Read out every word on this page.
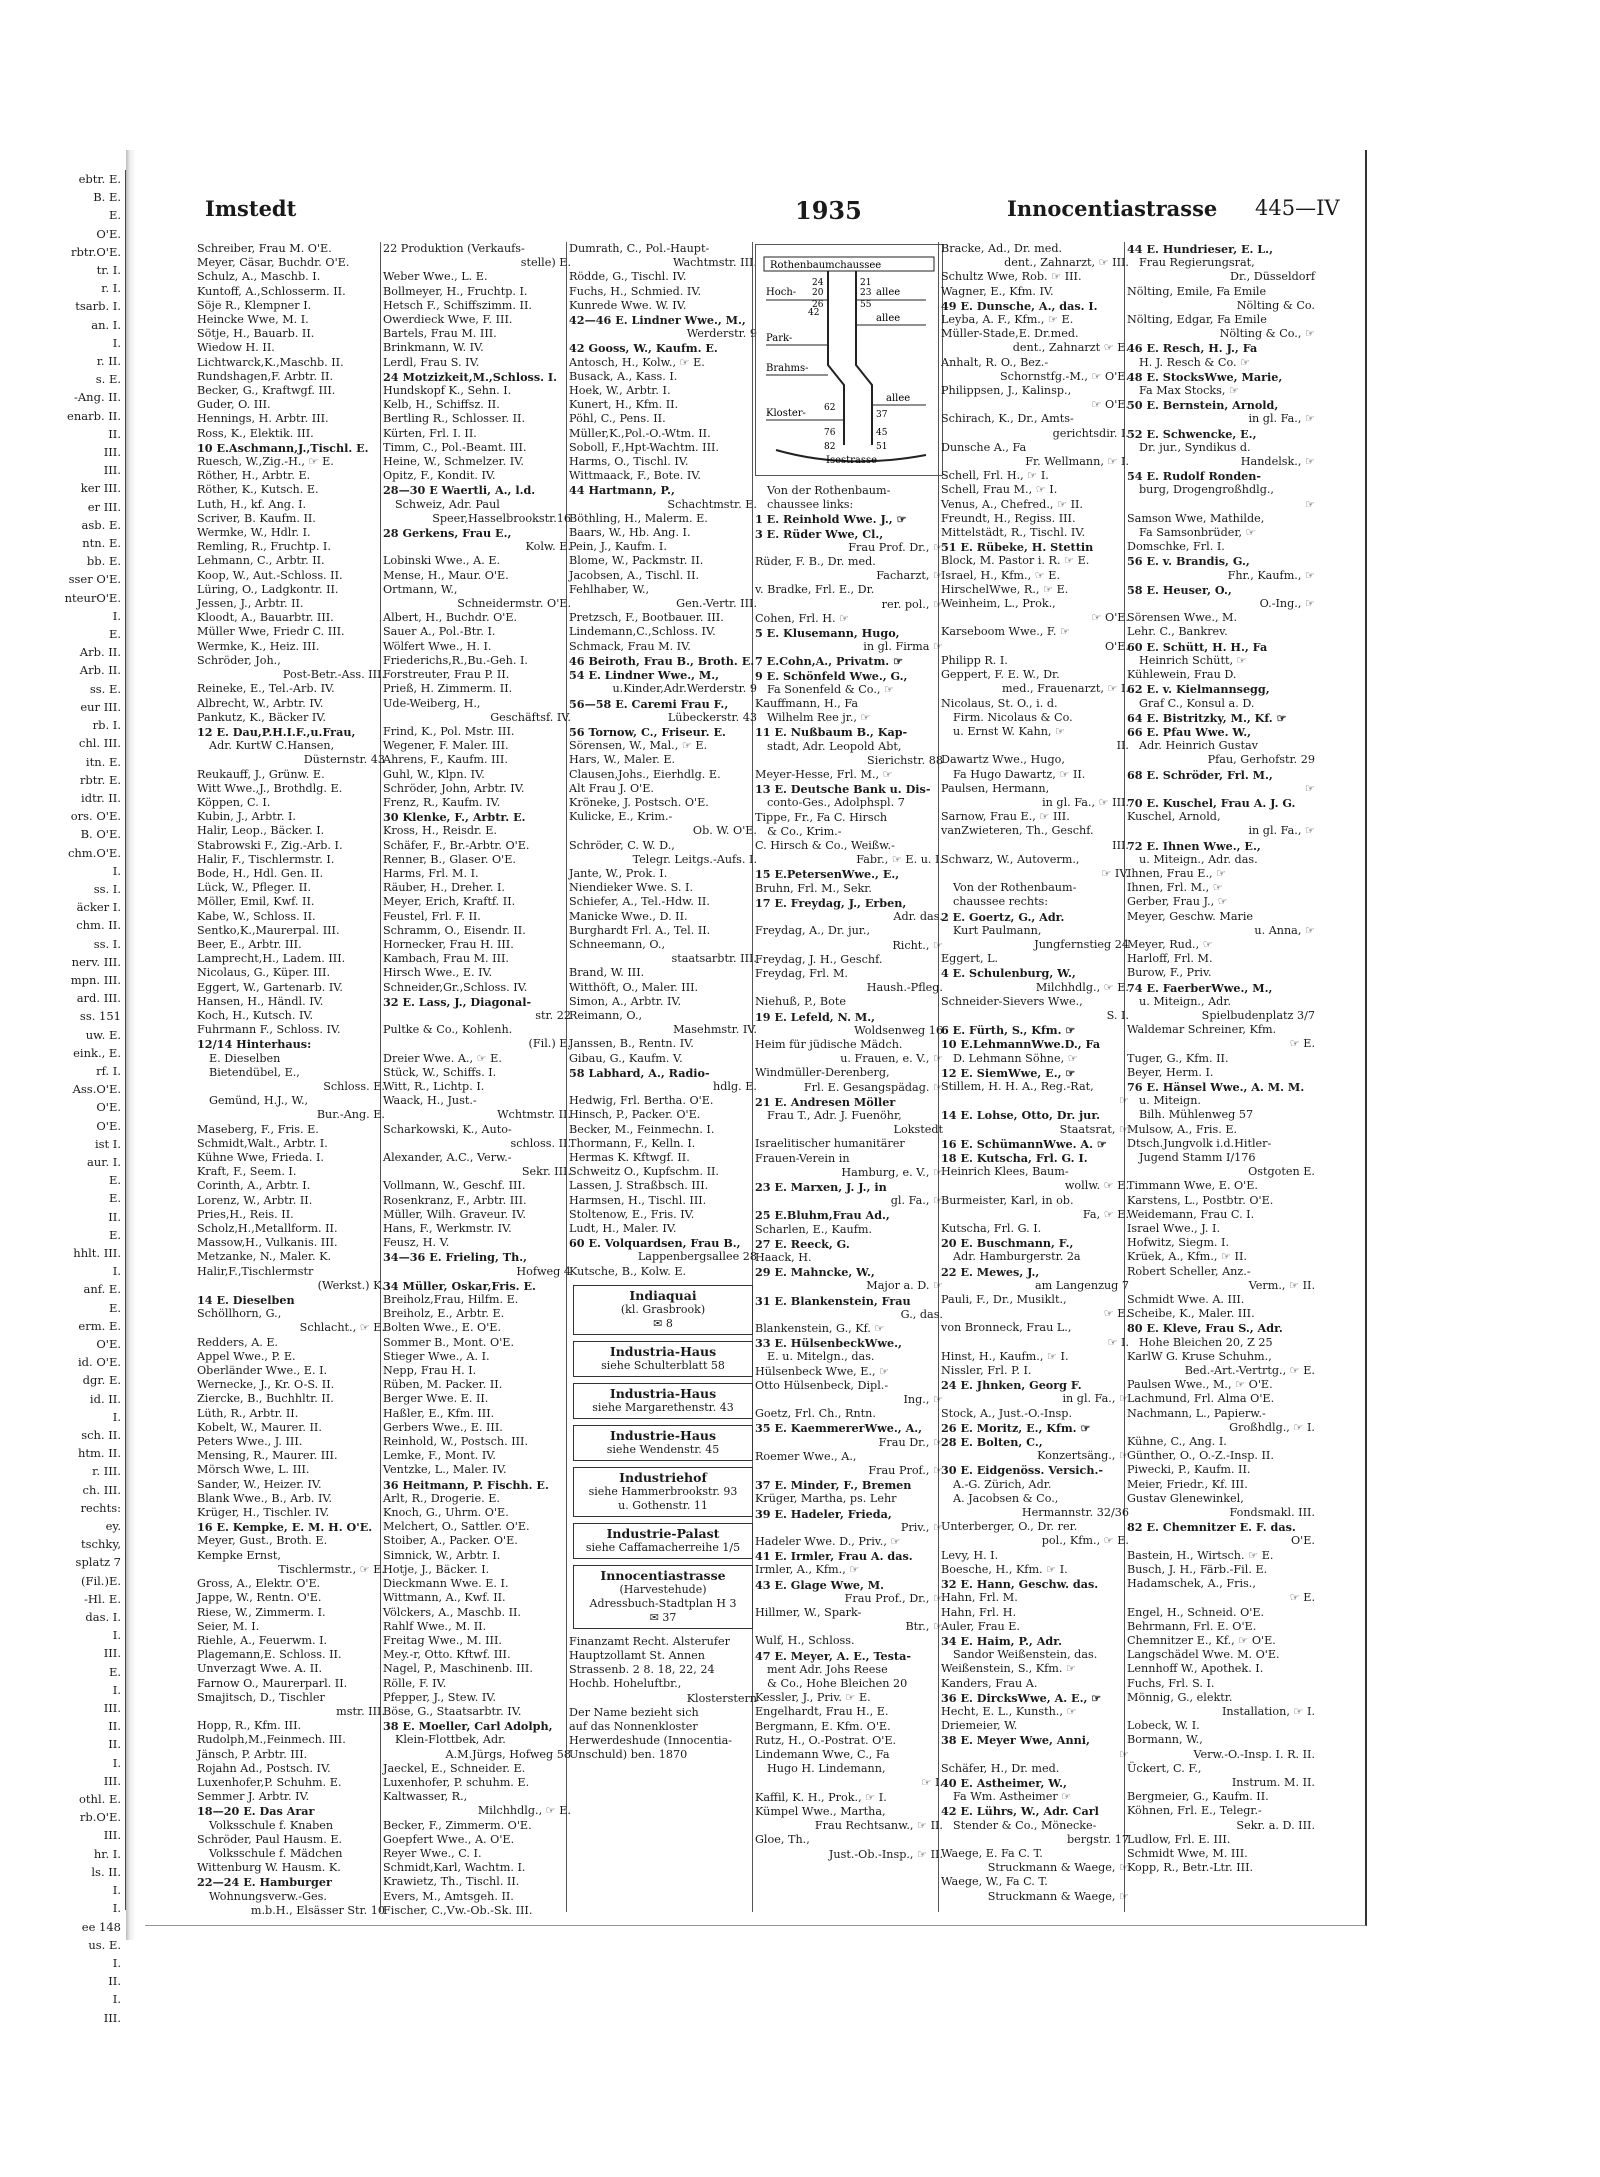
ebtr. E.
B. E.
E.
O'E.
rbtr.O'E.
tr. I.
r. I.
tsarb. I.
an. I.
I.
r. II.
s. E.
-Ang. II.
enarb. II.
II.
III.
III.
ker III.
er III.
asb. E.
ntn. E.
bb. E.
sser O'E.
nteurO'E.
I.
E.
Arb. II.
Arb. II.
ss. E.
eur III.
rb. I.
chl. III.
itn. E.
rbtr. E.
idtr. II.
ors. O'E.
B. O'E.
chm.O'E.
I.
ss. I.
äcker I.
chm. II.
ss. I.
nerv. III.
mpn. III.
ard. III.
ss. 151
uw. E.
eink., E.
rf. I.
Ass.O'E.
O'E.
O'E.
ist I.
aur. I.
E.
E.
II.
E.
hhlt. III.
I.
anf. E.
E.
erm. E.
O'E.
id. O'E.
dgr. E.
id. II.
I.
sch. II.
htm. II.
r. III.
ch. III.
rechts:
ey.
tschky,
splatz 7
(Fil.)E.
-Hl. E.
das. I.
I.
III.
E.
I.
III.
II.
II.
I.
III.
othl. E.
rb.O'E.
III.
hr. I.
ls. II.
I.
I.
ee 148
us. E.
I.
II.
I.
III.
Imstedt	1935	Innocentiastrasse 445—IV
Schreiber, Frau M. O'E.
Meyer, Cäsar, Buchdr. O'E.
Schulz, A., Maschb. I.
Kuntoff, A.,Schlosserm. II.
Söje R., Klempner I.
Heincke Wwe, M. I.
Sötje, H., Bauarb. II.
Wiedow H. II.
Lichtwarck,K.,Maschb. II.
Rundshagen,F. Arbtr. II.
Becker, G., Kraftwgf. III.
Guder, O. III.
Hennings, H. Arbtr. III.
Ross, K., Elektik. III.
10 E.Aschmann,J.,Tischl. E.
Ruesch, W.,Zig.-H., ☞ E.
Röther, H., Arbtr. E.
Röther, K., Kutsch. E.
Luth, H., kf. Ang. I.
Scriver, B. Kaufm. II.
Wermke, W., Hdlr. I.
Remling, R., Fruchtp. I.
Lehmann, C., Arbtr. II.
Koop, W., Aut.-Schloss. II.
Lüring, O., Ladgkontr. II.
Jessen, J., Arbtr. II.
Kloodt, A., Bauarbtr. III.
Müller Wwe, Friedr C. III.
Wermke, K., Heiz. III.
Schröder, Joh.,
Post-Betr.-Ass. III.
Reineke, E., Tel.-Arb. IV.
Albrecht, W., Arbtr. IV.
Pankutz, K., Bäcker IV.
12 E. Dau,P.H.I.F.,u.Frau,
Adr. KurtW C.Hansen,
Düsternstr. 43
Reukauff, J., Grünw. E.
Witt Wwe.,J., Brothdlg. E.
Köppen, C. I.
Kubin, J., Arbtr. I.
Halir, Leop., Bäcker. I.
Stabrowski F., Zig.-Arb. I.
Halir, F., Tischlermstr. I.
Bode, H., Hdl. Gen. II.
Lück, W., Pfleger. II.
Möller, Emil, Kwf. II.
Kabe, W., Schloss. II.
Sentko,K.,Maurerpal. III.
Beer, E., Arbtr. III.
Lamprecht,H., Ladem. III.
Nicolaus, G., Küper. III.
Eggert, W., Gartenarb. IV.
Hansen, H., Händl. IV.
Koch, H., Kutsch. IV.
Fuhrmann F., Schloss. IV.
12/14 Hinterhaus:
E. Dieselben
Bietendübel, E.,
Schloss. E.
Gemünd, H.J., W.,
Bur.-Ang. E.
Maseberg, F., Fris. E.
Schmidt,Walt., Arbtr. I.
Kühne Wwe, Frieda. I.
Kraft, F., Seem. I.
Corinth, A., Arbtr. I.
Lorenz, W., Arbtr. II.
Pries,H., Reis. II.
Scholz,H.,Metallform. II.
Massow,H., Vulkanis. III.
Metzanke, N., Maler. K.
Halir,F.,Tischlermstr
(Werkst.) K.
14 E. Dieselben
Schöllhorn, G.,
Schlacht., ☞ E.
Redders, A. E.
Appel Wwe., P. E.
Oberländer Wwe., E. I.
Wernecke, J., Kr. O-S. II.
Ziercke, B., Buchhltr. II.
Lüth, R., Arbtr. II.
Kobelt, W., Maurer. II.
Peters Wwe., J. III.
Mensing, R., Maurer. III.
Mörsch Wwe, L. III.
Sander, W., Heizer. IV.
Blank Wwe., B., Arb. IV.
Krüger, H., Tischler. IV.
16 E. Kempke, E. M. H. O'E.
Meyer, Gust., Broth. E.
Kempke Ernst,
Tischlermstr., ☞ E.
Gross, A., Elektr. O'E.
Jappe, W., Rentn. O'E.
Riese, W., Zimmerm. I.
Seier, M. I.
Riehle, A., Feuerwm. I.
Plagemann,E. Schloss. II.
Unverzagt Wwe. A. II.
Farnow O., Maurerparl. II.
Smajitsch, D., Tischler
mstr. III.
Hopp, R., Kfm. III.
Rudolph,M.,Feinmech. III.
Jänsch, P. Arbtr. III.
Rojahn Ad., Postsch. IV.
Luxenhofer,P. Schuhm. E.
Semmer J. Arbtr. IV.
18—20 E. Das Arar
Volksschule f. Knaben
Schröder, Paul Hausm. E.
Volksschule f. Mädchen
Wittenburg W. Hausm. K.
22—24 E. Hamburger
Wohnungsverw.-Ges.
m.b.H., Elsässer Str. 10
22 Produktion (Verkaufs-
stelle) E.
Weber Wwe., L. E.
Bollmeyer, H., Fruchtp. I.
Hetsch F., Schiffszimm. II.
Owerdieck Wwe, F. III.
Bartels, Frau M. III.
Brinkmann, W. IV.
Lerdl, Frau S. IV.
24 Motzizkeit,M.,Schloss. I.
Hundskopf K., Sehn. I.
Kelb, H., Schiffsz. II.
Bertling R., Schlosser. II.
Kürten, Frl. I. II.
Timm, C., Pol.-Beamt. III.
Heine, W., Schmelzer. IV.
Opitz, F., Kondit. IV.
28—30 E Waertli, A., l.d.
Schweiz, Adr. Paul
Speer,Hasselbrookstr.16
28 Gerkens, Frau E.,
Kolw. E.
Lobinski Wwe., A. E.
Mense, H., Maur. O'E.
Ortmann, W.,
Schneidermstr. O'E.
Albert, H., Buchdr. O'E.
Sauer A., Pol.-Btr. I.
Wölfert Wwe., H. I.
Friederichs,R.,Bu.-Geh. I.
Forstreuter, Frau P. II.
Prieß, H. Zimmerm. II.
Ude-Weiberg, H.,
Geschäftsf. IV.
Frind, K., Pol. Mstr. III.
Wegener, F. Maler. III.
Ahrens, F., Kaufm. III.
Guhl, W., Klpn. IV.
Schröder, John, Arbtr. IV.
Frenz, R., Kaufm. IV.
30 Klenke, F., Arbtr. E.
Kross, H., Reisdr. E.
Schäfer, F., Br.-Arbtr. O'E.
Renner, B., Glaser. O'E.
Harms, Frl. M. I.
Räuber, H., Dreher. I.
Meyer, Erich, Kraftf. II.
Feustel, Frl. F. II.
Schramm, O., Eisendr. II.
Hornecker, Frau H. III.
Kambach, Frau M. III.
Hirsch Wwe., E. IV.
Schneider,Gr.,Schloss. IV.
32 E. Lass, J., Diagonal-
str. 22
Pultke & Co., Kohlenh.
(Fil.) E.
Dreier Wwe. A., ☞ E.
Stück, W., Schiffs. I.
Witt, R., Lichtp. I.
Waack, H., Just.-
Wchtmstr. II.
Scharkowski, K., Auto-
schloss. II.
Alexander, A.C., Verw.-
Sekr. III.
Vollmann, W., Geschf. III.
Rosenkranz, F., Arbtr. III.
Müller, Wilh. Graveur. IV.
Hans, F., Werkmstr. IV.
Feusz, H. V.
34—36 E. Frieling, Th.,
Hofweg 4
34 Müller, Oskar,Fris. E.
Breiholz,Frau, Hilfm. E.
Breiholz, E., Arbtr. E.
Bolten Wwe., E. O'E.
Sommer B., Mont. O'E.
Stieger Wwe., A. I.
Nepp, Frau H. I.
Rüben, M. Packer. II.
Berger Wwe. E. II.
Haßler, E., Kfm. III.
Gerbers Wwe., E. III.
Reinhold, W., Postsch. III.
Lemke, F., Mont. IV.
Ventzke, L., Maler. IV.
36 Heitmann, P. Fischh. E.
Arlt, R., Drogerie. E.
Knoch, G., Uhrm. O'E.
Melchert, O., Sattler. O'E.
Stoiber, A., Packer. O'E.
Simnick, W., Arbtr. I.
Hotje, J., Bäcker. I.
Dieckmann Wwe. E. I.
Wittmann, A., Kwf. II.
Völckers, A., Maschb. II.
Rahlf Wwe., M. II.
Freitag Wwe., M. III.
Mey.-r, Otto. Kftwf. III.
Nagel, P., Maschinenb. III.
Rölle, F. IV.
Pfepper, J., Stew. IV.
Böse, G., Staatsarbtr. IV.
38 E. Moeller, Carl Adolph,
Klein-Flottbek, Adr.
A.M.Jürgs, Hofweg 58
Jaeckel, E., Schneider. E.
Luxenhofer, P. schuhm. E.
Kaltwasser, R.,
Milchhdlg., ☞ E.
Becker, F., Zimmerm. O'E.
Goepfert Wwe., A. O'E.
Reyer Wwe., C. I.
Schmidt,Karl, Wachtm. I.
Krawietz, Th., Tischl. II.
Evers, M., Amtsgeh. II.
Fischer, C.,Vw.-Ob.-Sk. III.
Dumrath, C., Pol.-Haupt-
Wachtmstr. III.
Rödde, G., Tischl. IV.
Fuchs, H., Schmied. IV.
Kunrede Wwe. W. IV.
42—46 E. Lindner Wwe., M.,
Werderstr. 9
42 Gooss, W., Kaufm. E.
Antosch, H., Kolw., ☞ E.
Busack, A., Kass. I.
Hoek, W., Arbtr. I.
Kunert, H., Kfm. II.
Pöhl, C., Pens. II.
Müller,K.,Pol.-O.-Wtm. II.
Soboll, F.,Hpt-Wachtm. III.
Harms, O., Tischl. IV.
Wittmaack, F., Bote. IV.
44 Hartmann, P.,
Schachtmstr. E.
Böthling, H., Malerm. E.
Baars, W., Hb. Ang. I.
Pein, J., Kaufm. I.
Blome, W., Packmstr. II.
Jacobsen, A., Tischl. II.
Fehlhaber, W.,
Gen.-Vertr. III.
Pretzsch, F., Bootbauer. III.
Lindemann,C.,Schloss. IV.
Schmack, Frau M. IV.
46 Beiroth, Frau B., Broth. E.
54 E. Lindner Wwe., M.,
u.Kinder,Adr.Werderstr. 9
56—58 E. Caremi Frau F.,
Lübeckerstr. 43
56 Tornow, C., Friseur. E.
Sörensen, W., Mal., ☞ E.
Hars, W., Maler. E.
Clausen,Johs., Eierhdlg. E.
Alt Frau J. O'E.
Kröneke, J. Postsch. O'E.
Kulicke, E., Krim.-
Ob. W. O'E.
Schröder, C. W. D.,
Telegr. Leitgs.-Aufs. I.
Jante, W., Prok. I.
Niendieker Wwe. S. I.
Schiefer, A., Tel.-Hdw. II.
Manicke Wwe., D. II.
Burghardt Frl. A., Tel. II.
Schneemann, O.,
staatsarbtr. III.
Brand, W. III.
Witthöft, O., Maler. III.
Simon, A., Arbtr. IV.
Reimann, O.,
Masehmstr. IV.
Janssen, B., Rentn. IV.
Gibau, G., Kaufm. V.
58 Labhard, A., Radio-
hdlg. E.
Hedwig, Frl. Bertha. O'E.
Hinsch, P., Packer. O'E.
Becker, M., Feinmechn. I.
Thormann, F., Kelln. I.
Hermas K. Kftwgf. II.
Schweitz O., Kupfschm. II.
Lassen, J. Straßbsch. III.
Harmsen, H., Tischl. III.
Stoltenow, E., Fris. IV.
Ludt, H., Maler. IV.
60 E. Volquardsen, Frau B.,
Lappenbergsallee 28
Kutsche, B., Kolw. E.
Indiaquai
(kl. Grasbrook)
✉ 8
Industria-Haus
siehe Schulterblatt 58
Industria-Haus
siehe Margarethenstr. 43
Industrie-Haus
siehe Wendenstr. 45
Industriehof
siehe Hammerbrookstr. 93
u. Gothenstr. 11
Industrie-Palast
siehe Caffamacherreihe 1/5
Innocentiastrasse
(Harvestehude)
Adressbuch-Stadtplan H 3
✉ 37
Finanzamt Recht. Alsterufer
Hauptzollamt St. Annen
Strassenb. 2 8. 18, 22, 24
Hochb. Hoheluftbr.,
Klosterstern
Der Name bezieht sich
auf das Nonnenkloster
Herwerdeshude (Innocentia-
Unschuld) ben. 1870
Rothenbaumchaussee
Hoch-	allee
allee
Park-
Brahms-
allee
Kloster-
Isestrasse
42
24
20
26
21
23
55
62
37
76	45
82	51
Von der Rothenbaum-
chaussee links:
1 E. Reinhold Wwe. J., ☞
3 E. Rüder Wwe, Cl.,
Frau Prof. Dr., ☞
Rüder, F. B., Dr. med.
Facharzt, ☞
v. Bradke, Frl. E., Dr.
rer. pol., ☞
Cohen, Frl. H. ☞
5 E. Klusemann, Hugo,
in gl. Firma ☞
7 E.Cohn,A., Privatm. ☞
9 E. Schönfeld Wwe., G.,
Fa Sonenfeld & Co., ☞
Kauffmann, H., Fa
Wilhelm Ree jr., ☞
11 E. Nußbaum B., Kap-
stadt, Adr. Leopold Abt,
Sierichstr. 88
Meyer-Hesse, Frl. M., ☞
13 E. Deutsche Bank u. Dis-
conto-Ges., Adolphspl. 7
Tippe, Fr., Fa C. Hirsch
& Co., Krim.-
C. Hirsch & Co., Weißw.-
Fabr., ☞ E. u. I.
15 E.PetersenWwe., E.,
Bruhn, Frl. M., Sekr.
17 E. Freydag, J., Erben,
Adr. das.
Freydag, A., Dr. jur.,
Richt., ☞
Freydag, J. H., Geschf.
Freydag, Frl. M.
Haush.-Pfleg.
Niehuß, P., Bote
19 E. Lefeld, N. M.,
Woldsenweg 16
Heim für jüdische Mädch.
u. Frauen, e. V., ☞
Windmüller-Derenberg,
Frl. E. Gesangspädag. ☞
21 E. Andresen Möller
Frau T., Adr. J. Fuenöhr,
Lokstedt
Israelitischer humanitärer
Frauen-Verein in
Hamburg, e. V., ☞
23 E. Marxen, J. J., in
gl. Fa., ☞
25 E.Bluhm,Frau Ad.,
Scharlen, E., Kaufm.
27 E. Reeck, G.
Haack, H.
29 E. Mahncke, W.,
Major a. D. ☞
31 E. Blankenstein, Frau
G., das.
Blankenstein, G., Kf. ☞
33 E. HülsenbeckWwe.,
E. u. Mitelgn., das.
Hülsenbeck Wwe, E., ☞
Otto Hülsenbeck, Dipl.-
Ing., ☞
Goetz, Frl. Ch., Rntn.
35 E. KaemmererWwe., A.,
Frau Dr., ☞
Roemer Wwe., A.,
Frau Prof., ☞
37 E. Minder, F., Bremen
Krüger, Martha, ps. Lehr
39 E. Hadeler, Frieda,
Priv., ☞
Hadeler Wwe. D., Priv., ☞
41 E. Irmler, Frau A. das.
Irmler, A., Kfm., ☞
43 E. Glage Wwe, M.
Frau Prof., Dr., ☞
Hillmer, W., Spark-
Btr., ☞
Wulf, H., Schloss.
47 E. Meyer, A. E., Testa-
ment Adr. Johs Reese
& Co., Hohe Bleichen 20
Kessler, J., Priv. ☞ E.
Engelhardt, Frau H., E.
Bergmann, E. Kfm. O'E.
Rutz, H., O.-Postrat. O'E.
Lindemann Wwe, C., Fa
Hugo H. Lindemann,
☞ I.
Kaffil, K. H., Prok., ☞ I.
Kümpel Wwe., Martha,
Frau Rechtsanw., ☞ II.
Gloe, Th.,
Just.-Ob.-Insp., ☞ II.
Bracke, Ad., Dr. med.
dent., Zahnarzt, ☞ III.
Schultz Wwe, Rob. ☞ III.
Wagner, E., Kfm. IV.
49 E. Dunsche, A., das. I.
Leyba, A. F., Kfm., ☞ E.
Müller-Stade,E. Dr.med.
dent., Zahnarzt ☞ E.
Anhalt, R. O., Bez.-
Schornstfg.-M., ☞ O'E.
Philippsen, J., Kalinsp.,
☞ O'E.
Schirach, K., Dr., Amts-
gerichtsdir. I.
Dunsche A., Fa
Fr. Wellmann, ☞ I.
Schell, Frl. H., ☞ I.
Schell, Frau M., ☞ I.
Venus, A., Chefred., ☞ II.
Freundt, H., Regiss. III.
Mittelstädt, R., Tischl. IV.
51 E. Rübeke, H. Stettin
Block, M. Pastor i. R. ☞ E.
Israel, H., Kfm., ☞ E.
HirschelWwe, R., ☞ E.
Weinheim, L., Prok.,
☞ O'E.
Karseboom Wwe., F. ☞
O'E.
Philipp R. I.
Geppert, F. E. W., Dr.
med., Frauenarzt, ☞ I.
Nicolaus, St. O., i. d.
Firm. Nicolaus & Co.
u. Ernst W. Kahn, ☞
II.
Dawartz Wwe., Hugo,
Fa Hugo Dawartz, ☞ II.
Paulsen, Hermann,
in gl. Fa., ☞ III.
Sarnow, Frau E., ☞ III.
vanZwieteren, Th., Geschf.
III.
Schwarz, W., Autoverm.,
☞ IV.
Von der Rothenbaum-
chaussee rechts:
2 E. Goertz, G., Adr.
Kurt Paulmann,
Jungfernstieg 24
Eggert, L.
4 E. Schulenburg, W.,
Milchhdlg., ☞ E.
Schneider-Sievers Wwe.,
S. I.
6 E. Fürth, S., Kfm. ☞
10 E.LehmannWwe.D., Fa
D. Lehmann Söhne, ☞
12 E. SiemWwe, E., ☞
Stillem, H. H. A., Reg.-Rat,
☞
14 E. Lohse, Otto, Dr. jur.
Staatsrat, ☞
16 E. SchümannWwe. A. ☞
18 E. Kutscha, Frl. G. I.
Heinrich Klees, Baum-
wollw. ☞ E.
Burmeister, Karl, in ob.
Fa, ☞ E.
Kutscha, Frl. G. I.
20 E. Buschmann, F.,
Adr. Hamburgerstr. 2a
22 E. Mewes, J.,
am Langenzug 7
Pauli, F., Dr., Musiklt.,
☞ E.
von Bronneck, Frau L.,
☞ I.
Hinst, H., Kaufm., ☞ I.
Nissler, Frl. P. I.
24 E. Jhnken, Georg F.
in gl. Fa., ☞
Stock, A., Just.-O.-Insp.
26 E. Moritz, E., Kfm. ☞
28 E. Bolten, C.,
Konzertsäng., ☞
30 E. Eidgenöss. Versich.-
A.-G. Zürich, Adr.
A. Jacobsen & Co.,
Hermannstr. 32/36
Unterberger, O., Dr. rer.
pol., Kfm., ☞ E.
Levy, H. I.
Boesche, H., Kfm. ☞ I.
32 E. Hann, Geschw. das.
Hahn, Frl. M.
Hahn, Frl. H.
Auler, Frau E.
34 E. Haim, P., Adr.
Sandor Weißenstein, das.
Weißenstein, S., Kfm. ☞
Kanders, Frau A.
36 E. DircksWwe, A. E., ☞
Hecht, E. L., Kunsth., ☞
Driemeier, W.
38 E. Meyer Wwe, Anni,
☞
Schäfer, H., Dr. med.
40 E. Astheimer, W.,
Fa Wm. Astheimer ☞
42 E. Lührs, W., Adr. Carl
Stender & Co., Mönecke-
bergstr. 17
Waege, E. Fa C. T.
Struckmann & Waege, ☞
Waege, W., Fa C. T.
Struckmann & Waege, ☞
44 E. Hundrieser, E. L.,
Frau Regierungsrat,
Dr., Düsseldorf
Nölting, Emile, Fa Emile
Nölting & Co.
Nölting, Edgar, Fa Emile
Nölting & Co., ☞
46 E. Resch, H. J., Fa
H. J. Resch & Co. ☞
48 E. StocksWwe, Marie,
Fa Max Stocks, ☞
50 E. Bernstein, Arnold,
in gl. Fa., ☞
52 E. Schwencke, E.,
Dr. jur., Syndikus d.
Handelsk., ☞
54 E. Rudolf Ronden-
burg, Drogengroßhdlg.,
☞
Samson Wwe, Mathilde,
Fa Samsonbrüder, ☞
Domschke, Frl. I.
56 E. v. Brandis, G.,
Fhr., Kaufm., ☞
58 E. Heuser, O.,
O.-Ing., ☞
Sörensen Wwe., M.
Lehr. C., Bankrev.
60 E. Schütt, H. H., Fa
Heinrich Schütt, ☞
Kühlewein, Frau D.
62 E. v. Kielmannsegg,
Graf C., Konsul a. D.
64 E. Bistritzky, M., Kf. ☞
66 E. Pfau Wwe. W.,
Adr. Heinrich Gustav
Pfau, Gerhofstr. 29
68 E. Schröder, Frl. M.,
☞
70 E. Kuschel, Frau A. J. G.
Kuschel, Arnold,
in gl. Fa., ☞
72 E. Ihnen Wwe., E.,
u. Miteign., Adr. das.
Ihnen, Frau E., ☞
Ihnen, Frl. M., ☞
Gerber, Frau J., ☞
Meyer, Geschw. Marie
u. Anna, ☞
Meyer, Rud., ☞
Harloff, Frl. M.
Burow, F., Priv.
74 E. FaerberWwe., M.,
u. Miteign., Adr.
Spielbudenplatz 3/7
Waldemar Schreiner, Kfm.
☞ E.
Tuger, G., Kfm. II.
Beyer, Herm. I.
76 E. Hänsel Wwe., A. M. M.
u. Miteign.
Bilh. Mühlenweg 57
Mulsow, A., Fris. E.
Dtsch.Jungvolk i.d.Hitler-
Jugend Stamm I/176
Ostgoten E.
Timmann Wwe, E. O'E.
Karstens, L., Postbtr. O'E.
Weidemann, Frau C. I.
Israel Wwe., J. I.
Hofwitz, Siegm. I.
Krüek, A., Kfm., ☞ II.
Robert Scheller, Anz.-
Verm., ☞ II.
Schmidt Wwe. A. III.
Scheibe, K., Maler. III.
80 E. Kleve, Frau S., Adr.
Hohe Bleichen 20, Z 25
KarlW G. Kruse Schuhm.,
Bed.-Art.-Vertrtg., ☞ E.
Paulsen Wwe., M., ☞ O'E.
Lachmund, Frl. Alma O'E.
Nachmann, L., Papierw.-
Großhdlg., ☞ I.
Kühne, C., Ang. I.
Günther, O., O.-Z.-Insp. II.
Piwecki, P., Kaufm. II.
Meier, Friedr., Kf. III.
Gustav Glenewinkel,
Fondsmakl. III.
82 E. Chemnitzer E. F. das.
O'E.
Bastein, H., Wirtsch. ☞ E.
Busch, J. H., Färb.-Fil. E.
Hadamschek, A., Fris.,
☞ E.
Engel, H., Schneid. O'E.
Behrmann, Frl. E. O'E.
Chemnitzer E., Kf., ☞ O'E.
Langschädel Wwe. M. O'E.
Lennhoff W., Apothek. I.
Fuchs, Frl. S. I.
Mönnig, G., elektr.
Installation, ☞ I.
Lobeck, W. I.
Bormann, W.,
Verw.-O.-Insp. I. R. II.
Ückert, C. F.,
Instrum. M. II.
Bergmeier, G., Kaufm. II.
Köhnen, Frl. E., Telegr.-
Sekr. a. D. III.
Ludlow, Frl. E. III.
Schmidt Wwe, M. III.
Kopp, R., Betr.-Ltr. III.
